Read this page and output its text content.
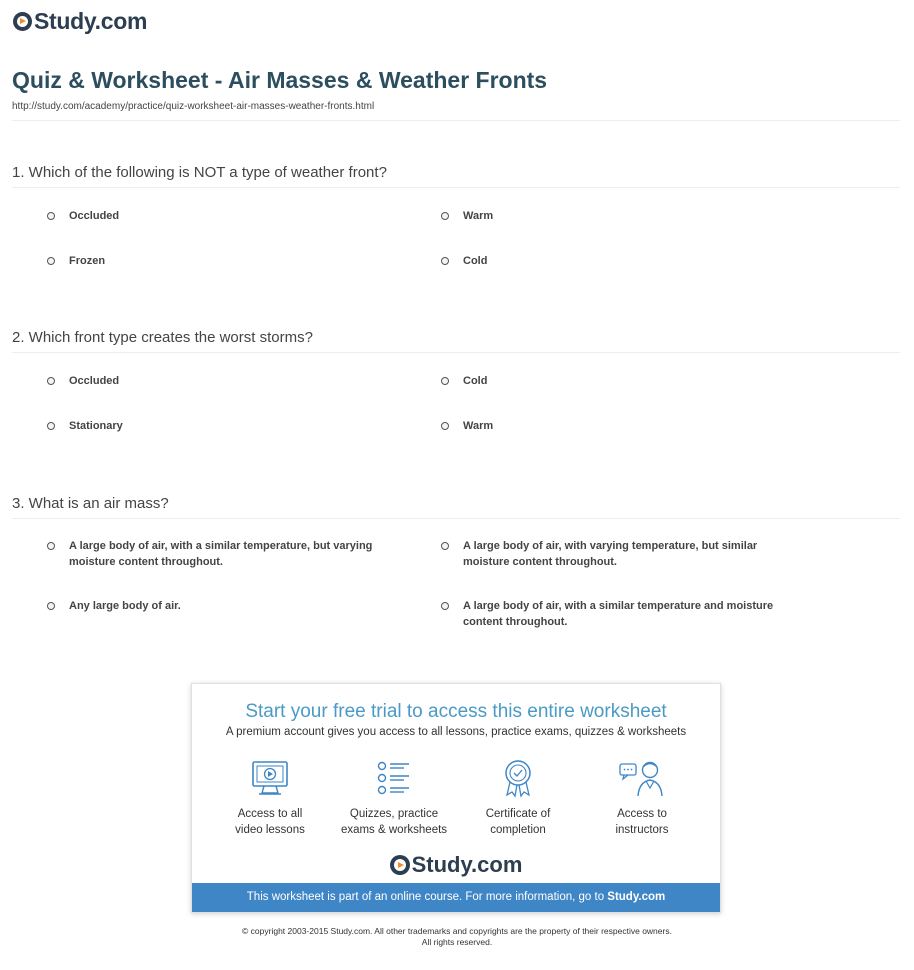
Study.com
Quiz & Worksheet - Air Masses & Weather Fronts
http://study.com/academy/practice/quiz-worksheet-air-masses-weather-fronts.html
1. Which of the following is NOT a type of weather front?
Occluded	Warm
Frozen	Cold
2. Which front type creates the worst storms?
Occluded	Cold
Stationary	Warm
3. What is an air mass?
A large body of air, with a similar temperature, but varying moisture content throughout.
A large body of air, with varying temperature, but similar moisture content throughout.
Any large body of air.	A large body of air, with a similar temperature and moisture content throughout.
Start your free trial to access this entire worksheet
A premium account gives you access to all lessons, practice exams, quizzes & worksheets
Access to all
video lessons
Quizzes, practice
exams & worksheets
Certificate of
completion
Access to
instructors
Study.com
This worksheet is part of an online course. For more information, go to Study.com
© copyright 2003-2015 Study.com. All other trademarks and copyrights are the property of their respective owners.
All rights reserved.
